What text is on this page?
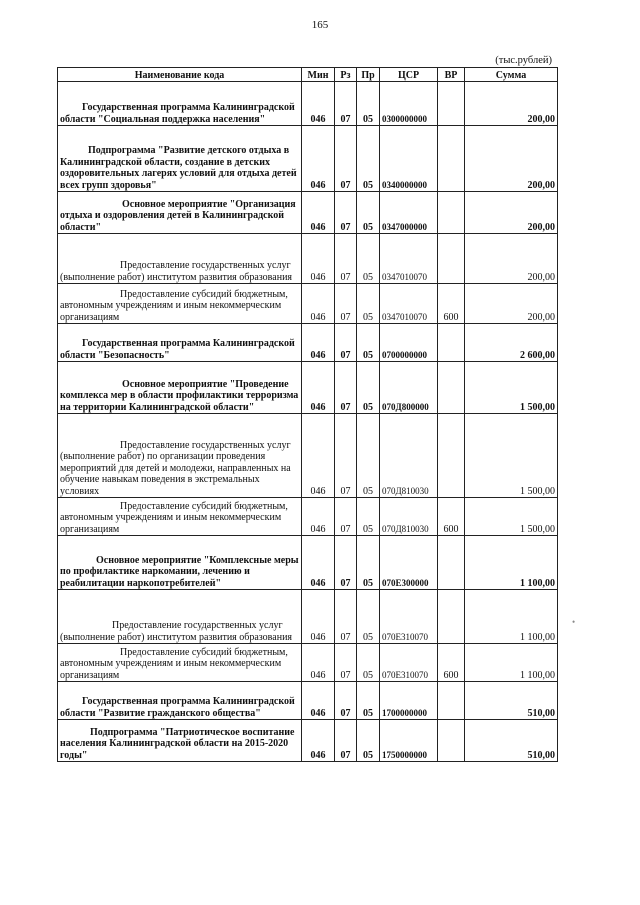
165
(тыс.рублей)
Наименование кода	Мин	Рз	Пр	ЦСР	ВР	Сумма
Государственная программа Калининградской области "Социальная поддержка населения"	046	07	05	0300000000		200,00
Подпрограмма "Развитие детского отдыха в Калининградской области, создание в детских оздоровительных лагерях условий для отдыха детей всех групп здоровья"	046	07	05	0340000000		200,00
Основное мероприятие "Организация отдыха и оздоровления детей в Калининградской области"	046	07	05	0347000000		200,00
Предоставление государственных услуг (выполнение работ) институтом развития образования	046	07	05	0347010070		200,00
Предоставление субсидий бюджетным, автономным учреждениям и иным некоммерческим организациям	046	07	05	0347010070	600	200,00
Государственная программа Калининградской области "Безопасность"	046	07	05	0700000000		2 600,00
Основное мероприятие "Проведение комплекса мер в области профилактики терроризма на территории Калининградской области"	046	07	05	070Д800000		1 500,00
Предоставление государственных услуг (выполнение работ) по организации проведения мероприятий для детей и молодежи, направленных на обучение навыкам поведения в экстремальных условиях	046	07	05	070Д810030		1 500,00
Предоставление субсидий бюджетным, автономным учреждениям и иным некоммерческим организациям	046	07	05	070Д810030	600	1 500,00
Основное мероприятие "Комплексные меры по профилактике наркомании, лечению и реабилитации наркопотребителей"	046	07	05	070Е300000		1 100,00
Предоставление государственных услуг (выполнение работ) институтом развития образования	046	07	05	070Е310070		1 100,00
Предоставление субсидий бюджетным, автономным учреждениям и иным некоммерческим организациям	046	07	05	070Е310070	600	1 100,00
Государственная программа Калининградской области "Развитие гражданского общества"	046	07	05	1700000000		510,00
Подпрограмма "Патриотическое воспитание населения Калининградской области на 2015-2020 годы"	046	07	05	1750000000		510,00
•
